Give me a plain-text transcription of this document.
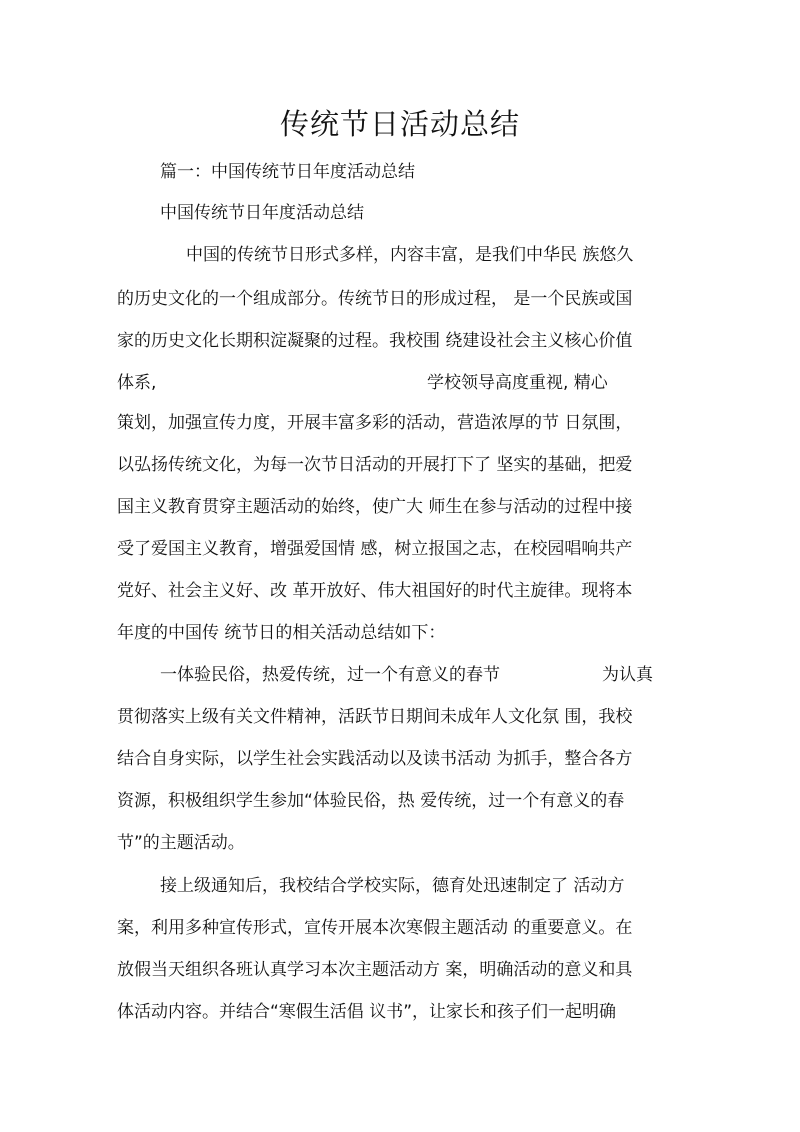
传统节日活动总结
篇一：中国传统节日年度活动总结
中国传统节日年度活动总结
中国的传统节日形式多样，内容丰富，是我们中华民 族悠久
的历史文化的一个组成部分。传统节日的形成过程， 是一个民族或国
家的历史文化长期积淀凝聚的过程。我校围 绕建设社会主义核心价值
体系,	学校领导高度重视, 精心
策划，加强宣传力度，开展丰富多彩的活动，营造浓厚的节 日氛围，
以弘扬传统文化，为每一次节日活动的开展打下了 坚实的基础，把爱
国主义教育贯穿主题活动的始终，使广大 师生在参与活动的过程中接
受了爱国主义教育，增强爱国情 感，树立报国之志，在校园唱响共产
党好、社会主义好、改 革开放好、伟大祖国好的时代主旋律。现将本
年度的中国传 统节日的相关活动总结如下：
一体验民俗，热爱传统，过一个有意义的春节	为认真
贯彻落实上级有关文件精神，活跃节日期间未成年人文化氛 围，我校
结合自身实际，以学生社会实践活动以及读书活动 为抓手，整合各方
资源，积极组织学生参加“体验民俗，热 爱传统，过一个有意义的春
节”的主题活动。
接上级通知后，我校结合学校实际，德育处迅速制定了 活动方
案，利用多种宣传形式，宣传开展本次寒假主题活动 的重要意义。在
放假当天组织各班认真学习本次主题活动方 案，明确活动的意义和具
体活动内容。并结合“寒假生活倡 议书”，让家长和孩子们一起明确
